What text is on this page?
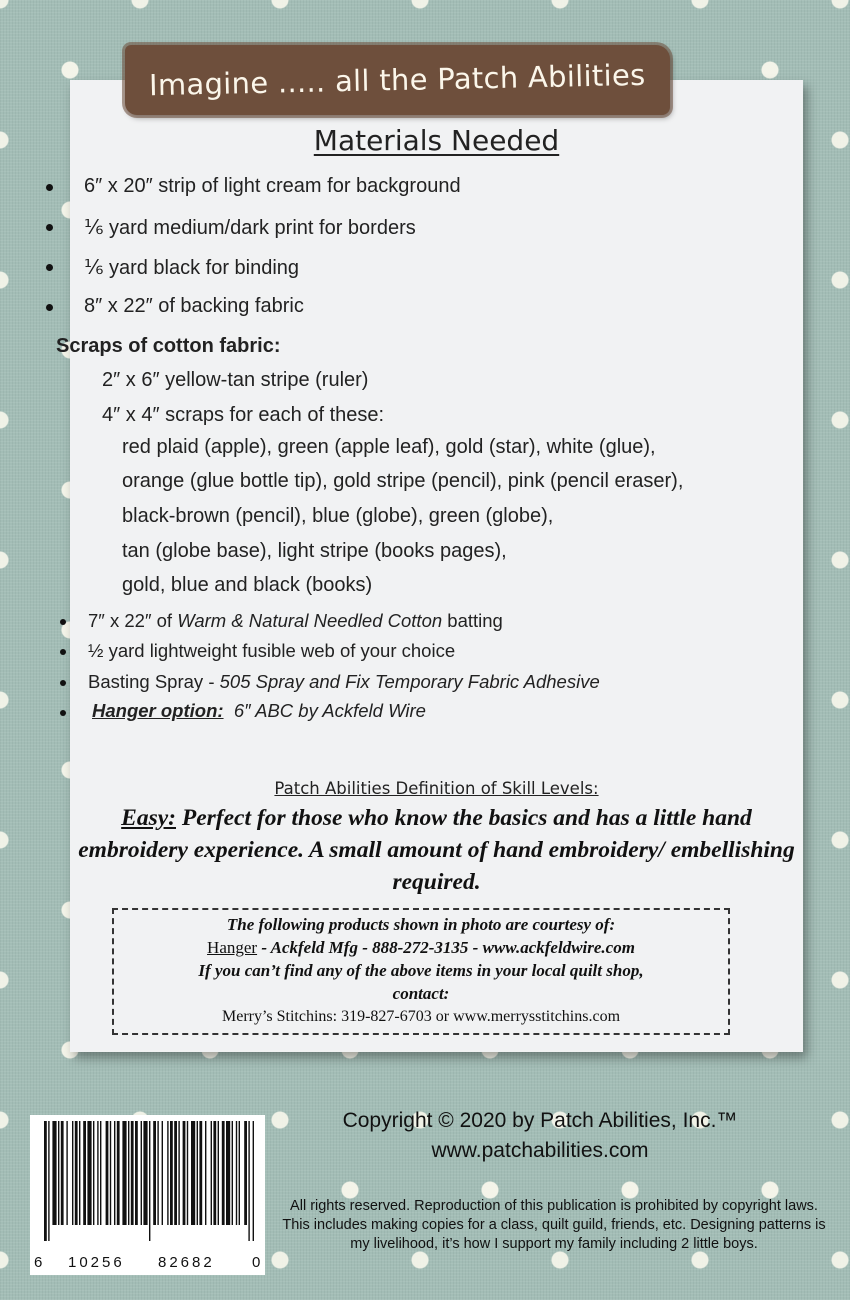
Imagine ..... all the Patch Abilities
Materials Needed
6″ x 20″ strip of light cream for background
⅙ yard medium/dark print for borders
⅙ yard black for binding
8″ x 22″ of backing fabric
Scraps of cotton fabric:
2″ x 6″ yellow-tan stripe (ruler)
4″ x 4″ scraps for each of these:
red plaid (apple), green (apple leaf), gold (star), white (glue),
orange (glue bottle tip), gold stripe (pencil), pink (pencil eraser),
black-brown (pencil), blue (globe), green (globe),
tan (globe base), light stripe (books pages),
gold, blue and black (books)
7″ x 22″ of Warm & Natural Needled Cotton batting
½ yard lightweight fusible web of your choice
Basting Spray - 505 Spray and Fix Temporary Fabric Adhesive
Hanger option: 6″ ABC by Ackfeld Wire
Patch Abilities Definition of Skill Levels:
Easy: Perfect for those who know the basics and has a little hand embroidery experience. A small amount of hand embroidery/ embellishing required.
The following products shown in photo are courtesy of:
Hanger - Ackfeld Mfg - 888-272-3135 - www.ackfeldwire.com
If you can’t find any of the above items in your local quilt shop,
contact:
Merry’s Stitchins: 319-827-6703 or www.merrysstitchins.com
6 10256 82682 0
Copyright © 2020 by Patch Abilities, Inc.™
www.patchabilities.com
All rights reserved. Reproduction of this publication is prohibited by copyright laws. This includes making copies for a class, quilt guild, friends, etc. Designing patterns is my livelihood, it’s how I support my family including 2 little boys.
